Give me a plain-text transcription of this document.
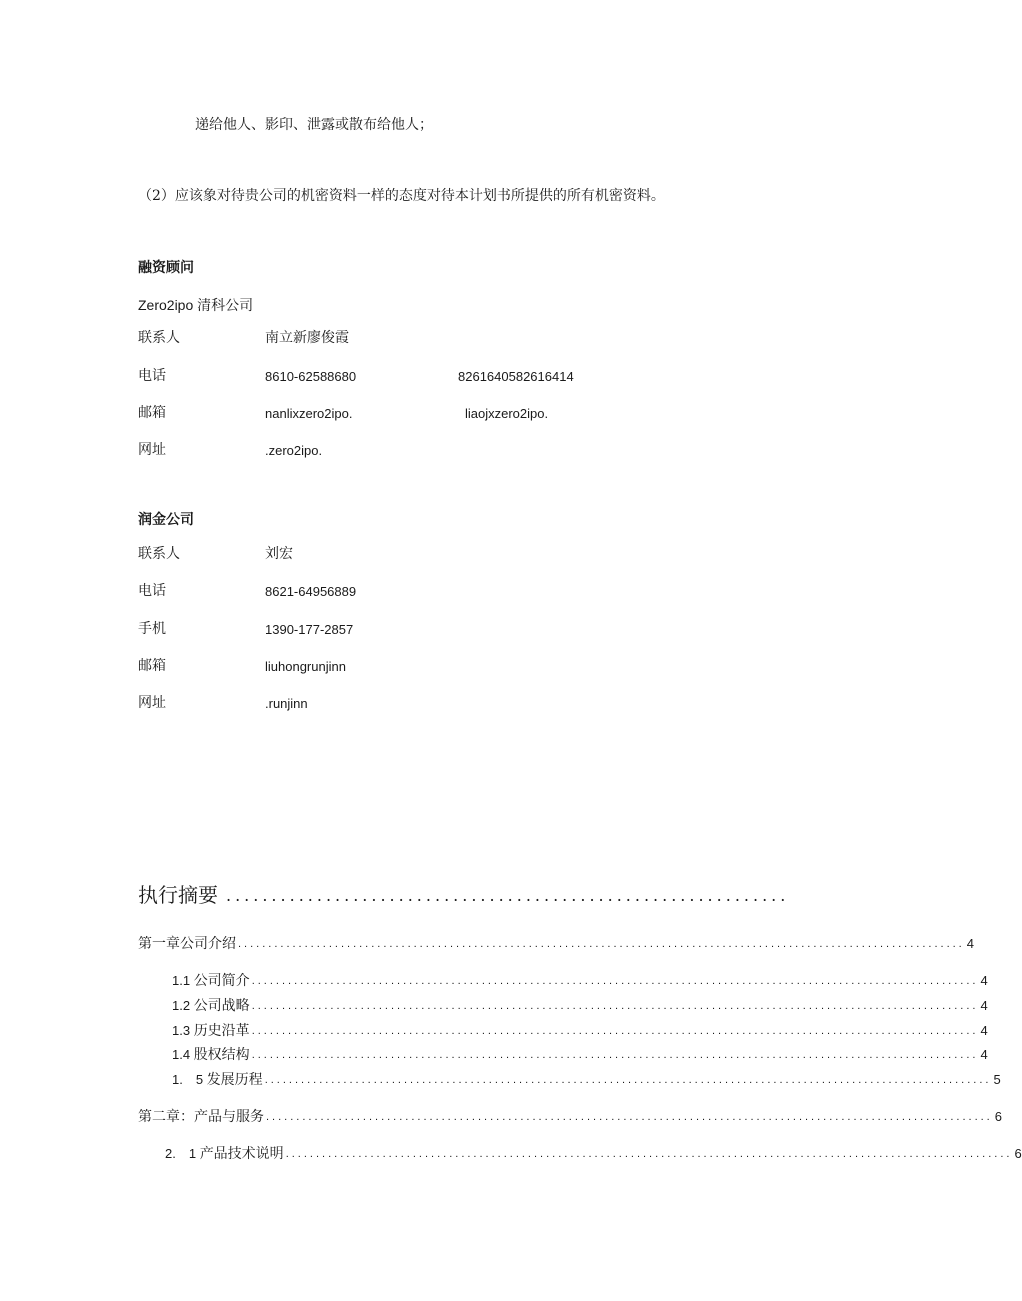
递给他人、影印、泄露或散布给他人；
（2）应该象对待贵公司的机密资料一样的态度对待本计划书所提供的所有机密资料。
融资顾问
Zero2ipo 清科公司
联系人	南立新廖俊霞
电话	8610-62588680	8261640582616414
邮箱	nanlixzero2ipo.	liaojxzero2ipo.
网址	.zero2ipo.
润金公司
联系人	刘宏
电话	8621-64956889
手机	1390-177-2857
邮箱	liuhongrunjinn
网址	.runjinn
执行摘要 ..............................................................
第一章公司介绍 ........................................................................................................................ 4
1.1 公司简介 ........................................................................................................................ 4
1.2 公司战略 ........................................................................................................................ 4
1.3 历史沿革 ........................................................................................................................ 4
1.4 股权结构 ........................................................................................................................ 4
1.　5 发展历程 ........................................................................................................................ 5
第二章：产品与服务 ........................................................................................................................ 6
2.　1 产品技术说明 ........................................................................................................................ 6
